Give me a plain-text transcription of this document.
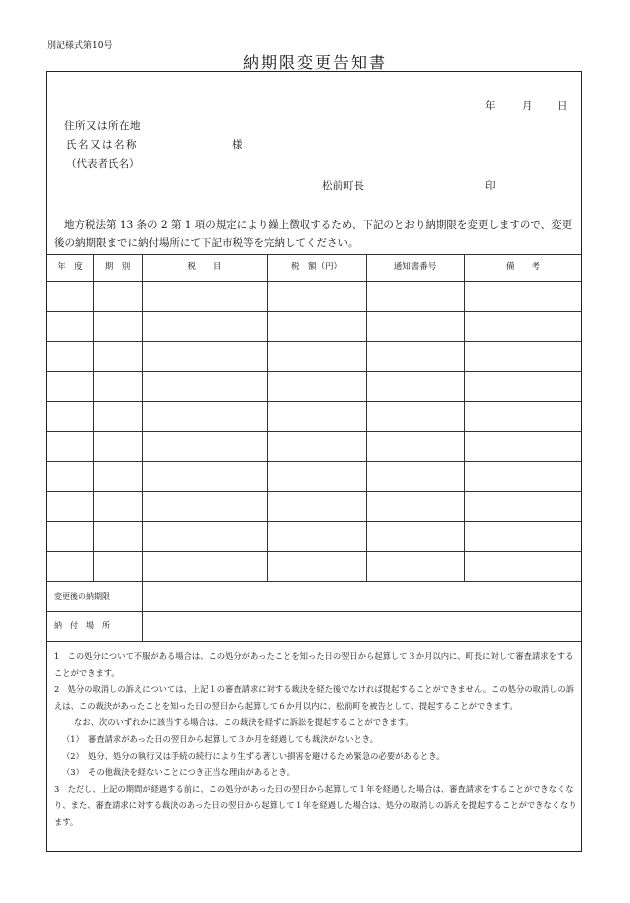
別記様式第10号
納期限変更告知書
年	月 日
住所又は所在地
氏名又は名称	様
（代表者氏名）
松前町長	印
地方税法第 13 条の 2 第 1 項の規定により繰上徴収するため、下記のとおり納期限を変更しますので、変更後の納期限までに納付場所にて下記市税等を完納してください。
年　度	期　別	税　　目	税　額（円）	通知書番号	備　　考
変更後の納期限
納　付　場　所

1　この処分について不服がある場合は、この処分があったことを知った日の翌日から起算して３か月以内に、町長に対して審査請求をすることができます。

2　処分の取消しの訴えについては、上記１の審査請求に対する裁決を経た後でなければ提起することができません。この処分の取消しの訴えは、この裁決があったことを知った日の翌日から起算して６か月以内に、松前町を被告として、提起することができます。

なお、次のいずれかに該当する場合は、この裁決を経ずに訴訟を提起することができます。

（1）　審査請求があった日の翌日から起算して３か月を経過しても裁決がないとき。

（2）　処分、処分の執行又は手続の続行により生ずる著しい損害を避けるため緊急の必要があるとき。

（3）　その他裁決を経ないことにつき正当な理由があるとき。

3　ただし、上記の期間が経過する前に、この処分があった日の翌日から起算して１年を経過した場合は、審査請求をすることができなくなり、また、審査請求に対する裁決のあった日の翌日から起算して１年を経過した場合は、処分の取消しの訴えを提起することができなくなります。
